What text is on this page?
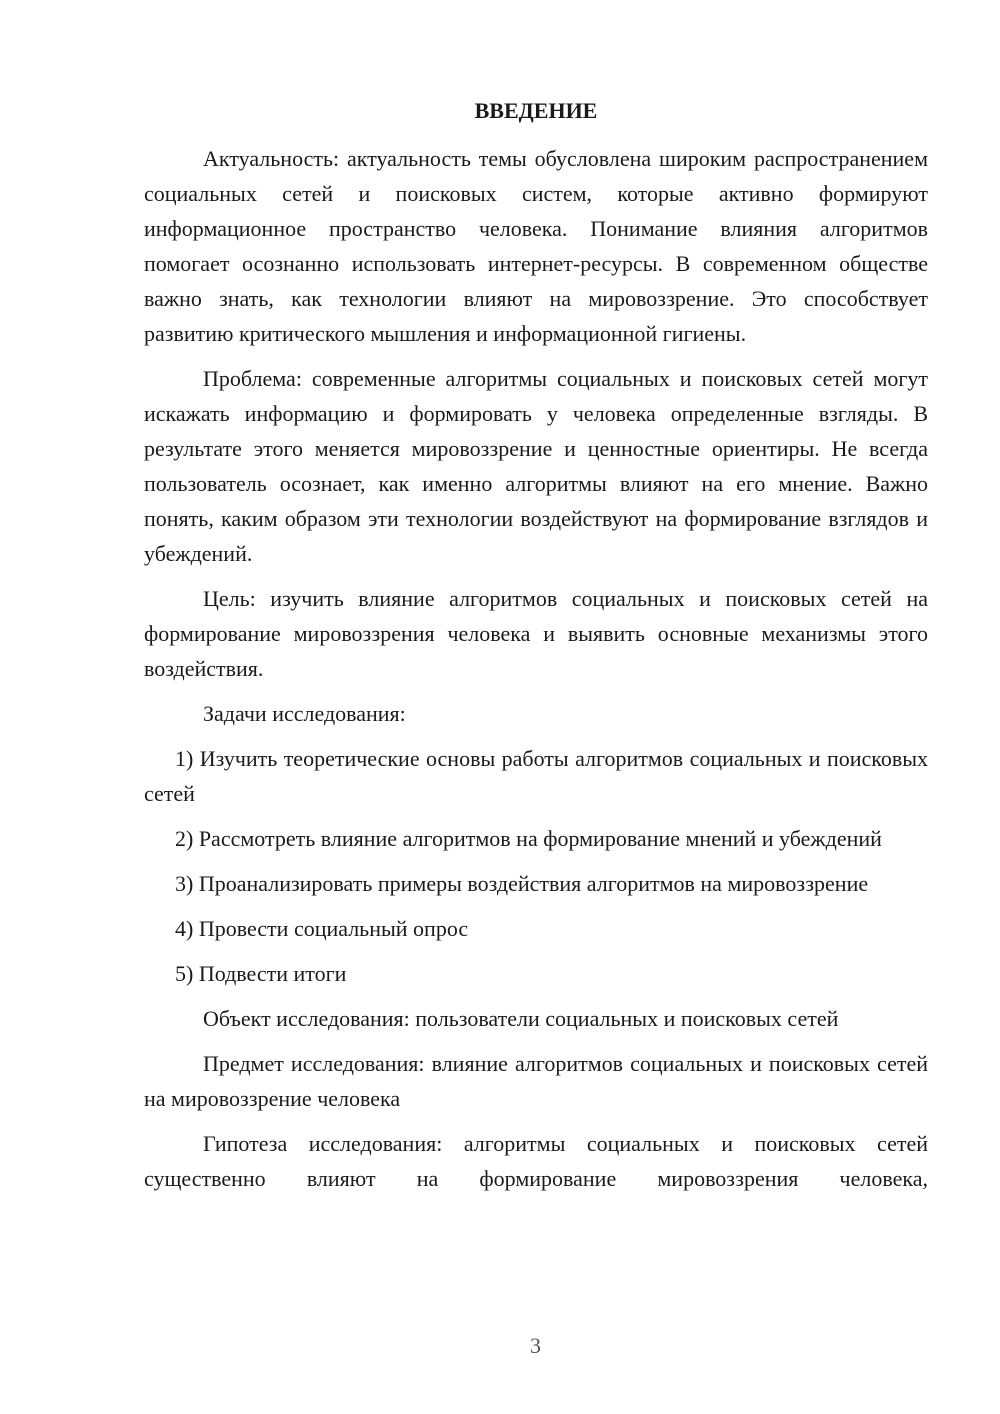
ВВЕДЕНИЕ

Актуальность: актуальность темы обусловлена широким распространением социальных сетей и поисковых систем, которые активно формируют информационное пространство человека. Понимание влияния алгоритмов помогает осознанно использовать интернет-ресурсы. В современном обществе важно знать, как технологии влияют на мировоззрение. Это способствует развитию критического мышления и информационной гигиены.

Проблема: современные алгоритмы социальных и поисковых сетей могут искажать информацию и формировать у человека определенные взгляды. В результате этого меняется мировоззрение и ценностные ориентиры. Не всегда пользователь осознает, как именно алгоритмы влияют на его мнение. Важно понять, каким образом эти технологии воздействуют на формирование взглядов и убеждений.

Цель: изучить влияние алгоритмов социальных и поисковых сетей на формирование мировоззрения человека и выявить основные механизмы этого воздействия.

Задачи исследования:

1) Изучить теоретические основы работы алгоритмов социальных и поисковых сетей

2) Рассмотреть влияние алгоритмов на формирование мнений и убеждений

3) Проанализировать примеры воздействия алгоритмов на мировоззрение

4) Провести социальный опрос

5) Подвести итоги

Объект исследования: пользователи социальных и поисковых сетей

Предмет исследования: влияние алгоритмов социальных и поисковых сетей на мировоззрение человека

Гипотеза исследования: алгоритмы социальных и поисковых сетей существенно влияют на формирование мировоззрения человека,

3
